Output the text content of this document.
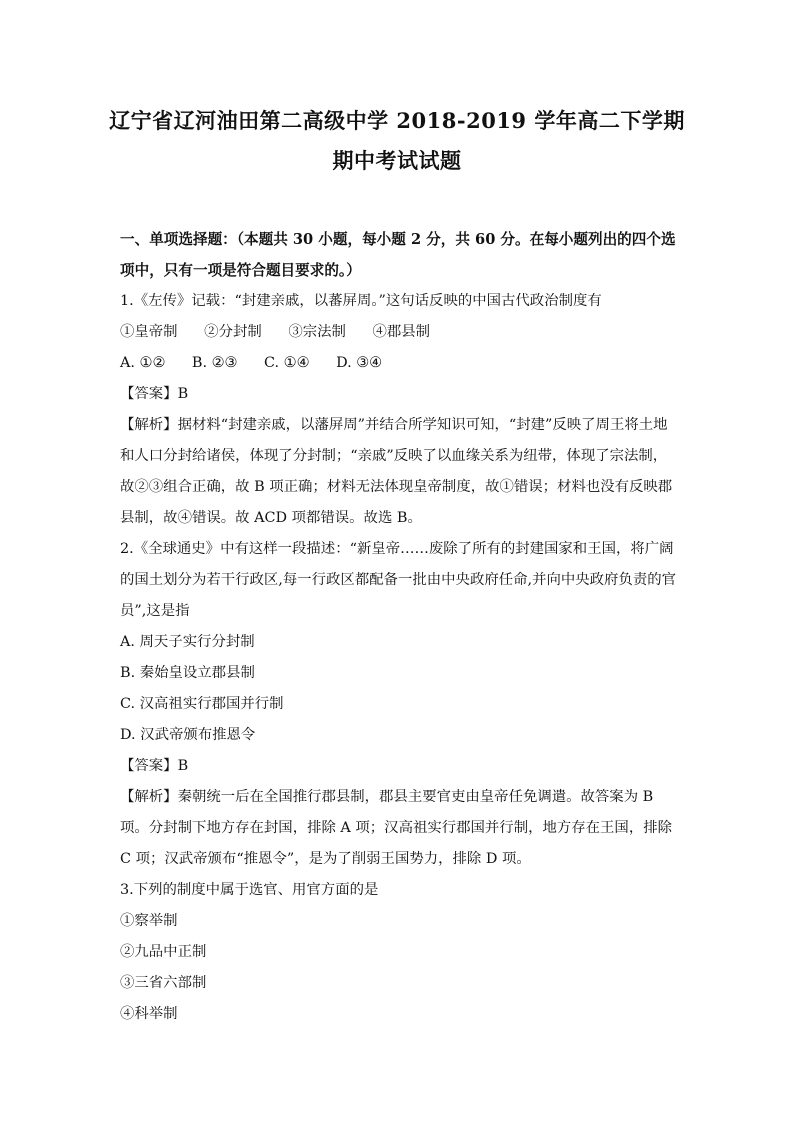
辽宁省辽河油田第二高级中学 2018-2019 学年高二下学期
期中考试试题
一、单项选择题：（本题共 30 小题，每小题 2 分，共 60 分。在每小题列出的四个选项中，只有一项是符合题目要求的。）
1.《左传》记载：“封建亲戚，以蕃屏周。”这句话反映的中国古代政治制度有
①皇帝制 ②分封制 ③宗法制 ④郡县制
A. ①② B. ②③ C. ①④ D. ③④
【答案】B
【解析】据材料“封建亲戚，以藩屏周”并结合所学知识可知，“封建”反映了周王将土地和人口分封给诸侯，体现了分封制；“亲戚”反映了以血缘关系为纽带，体现了宗法制，故②③组合正确，故 B 项正确；材料无法体现皇帝制度，故①错误；材料也没有反映郡县制，故④错误。故 ACD 项都错误。故选 B。
2.《全球通史》中有这样一段描述：“新皇帝……废除了所有的封建国家和王国，将广阔的国土划分为若干行政区,每一行政区都配备一批由中央政府任命,并向中央政府负责的官员”,这是指
A. 周天子实行分封制
B. 秦始皇设立郡县制
C. 汉高祖实行郡国并行制
D. 汉武帝颁布推恩令
【答案】B
【解析】秦朝统一后在全国推行郡县制，郡县主要官吏由皇帝任免调遣。故答案为 B 项。分封制下地方存在封国，排除 A 项；汉高祖实行郡国并行制，地方存在王国，排除 C 项；汉武帝颁布“推恩令”，是为了削弱王国势力，排除 D 项。
3.下列的制度中属于选官、用官方面的是
①察举制
②九品中正制
③三省六部制
④科举制
